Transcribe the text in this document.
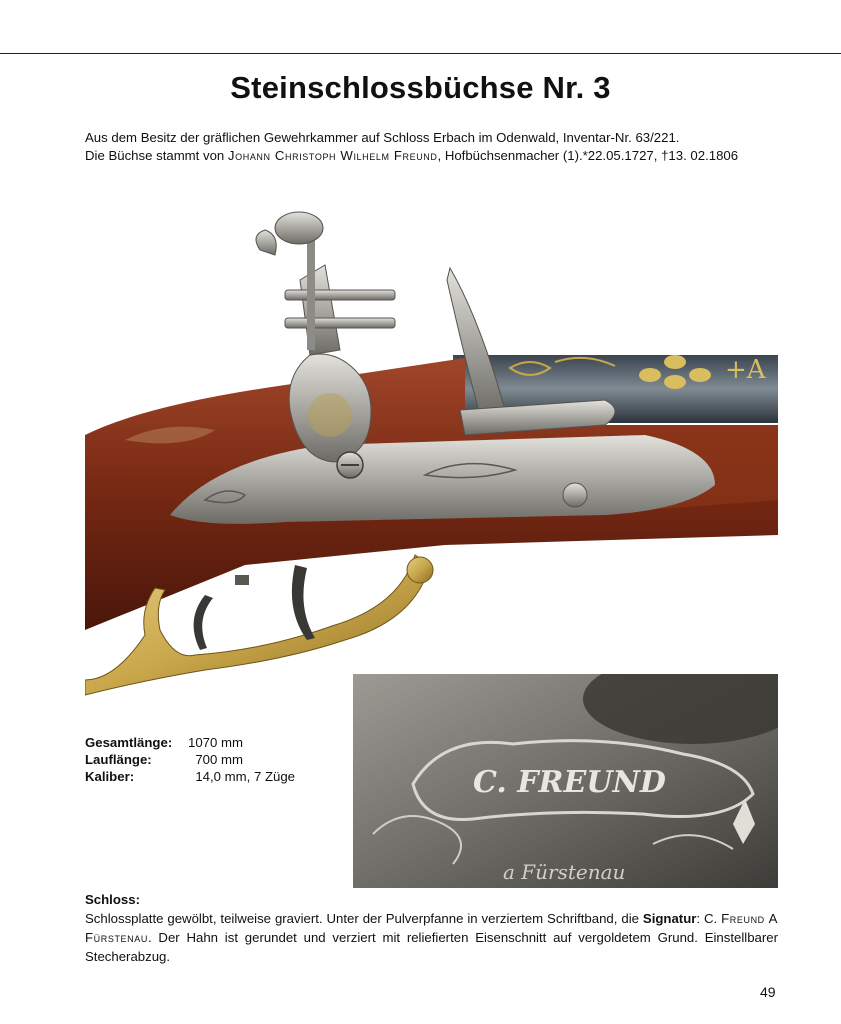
Steinschlossbüchse Nr. 3

Aus dem Besitz der gräflichen Gewehrkammer auf Schloss Erbach im Odenwald, Inventar-Nr. 63/221.

Die Büchse stammt von Johann Christoph Wilhelm Freund, Hofbüchsenmacher (1).*22.05.1727, †13. 02.1806

+A
C. FREUND
a Fürstenau
Gesamtlänge:	1070 mm
Lauflänge:	700 mm
Kaliber:	14,0 mm, 7 Züge
Schloss:
Schlossplatte gewölbt, teilweise graviert. Unter der Pulverpfanne in verziertem Schriftband, die Signatur: C. Freund A Fürstenau. Der Hahn ist gerundet und verziert mit reliefierten Eisenschnitt auf vergoldetem Grund. Einstellbarer Stecherabzug.
49
